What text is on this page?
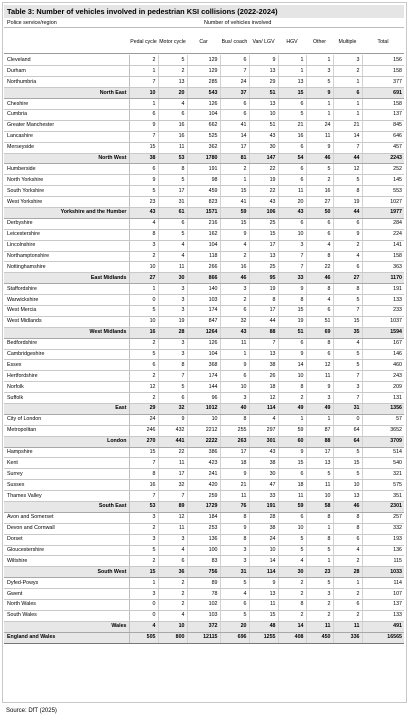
Table 3: Number of vehicles involved in pedestrian KSI collisions (2022-2024)
Police service/region	Number of vehicles involved
Pedal cycle Motor cycle	Car	Bus/ coach Van/ LGV	HGV	Other	Multiple	Total
Cleveland	2	5	129	6	9	1	1	3	156
Durham	1	2	129	7	13	1	3	2	158
Northumbria	7	13	285	24	29	13	5	1	377
North East	10	20	543	37	51	15	9	6	691
Cheshire	1	4	126	6	13	6	1	1	158
Cumbria	6	6	104	6	10	5	1	1	137
Greater Manchester	9	16	662	41	51	21	24	21	845
Lancashire	7	16	525	14	43	16	11	14	646
Merseyside	15	11	362	17	30	6	9	7	457
North West	38	53	1780	81	147	54	46	44	2243
Humberside	6	8	191	2	22	6	5	12	252
North Yorkshire	9	5	98	1	19	6	2	5	145
South Yorkshire	5	17	459	15	22	11	16	8	553
West Yorkshire	23	31	823	41	43	20	27	19	1027
Yorkshire and the Humber	43	61	1571	59	106	43	50	44	1977
Derbyshire	4	6	216	15	25	6	6	6	284
Leicestershire	8	5	162	9	15	10	6	9	224
Lincolnshire	3	4	104	4	17	3	4	2	141
Northamptonshire	2	4	118	2	13	7	8	4	158
Nottinghamshire	10	11	266	16	25	7	22	6	363
East Midlands	27	30	866	46	95	33	46	27	1170
Staffordshire	1	3	140	3	19	9	8	8	191
Warwickshire	0	3	103	2	8	8	4	5	133
West Mercia	5	3	174	6	17	15	6	7	233
West Midlands	10	19	847	32	44	19	51	15	1037
West Midlands	16	28	1264	43	88	51	69	35	1594
Bedfordshire	2	3	126	11	7	6	8	4	167
Cambridgeshire	5	3	104	1	13	9	6	5	146
Essex	6	8	368	9	38	14	12	5	460
Hertfordshire	2	7	174	6	26	10	11	7	243
Norfolk	12	5	144	10	18	8	9	3	209
Suffolk	2	6	96	3	12	2	3	7	131
East	29	32	1012	40	114	49	49	31	1356
City of London	24	9	10	8	4	1	1	0	57
Metropolitan	246	432	2212	255	297	59	87	64	3652
London	270	441	2222	263	301	60	88	64	3709
Hampshire	15	22	386	17	43	9	17	5	514
Kent	7	11	423	18	38	15	13	15	540
Surrey	8	17	241	9	30	6	5	5	321
Sussex	16	32	420	21	47	18	11	10	575
Thames Valley	7	7	259	11	33	11	10	13	351
South East	53	89	1729	76	191	59	58	46	2301
Avon and Somerset	3	12	184	8	28	6	8	8	257
Devon and Cornwall	2	11	253	9	38	10	1	8	332
Dorset	3	3	136	8	24	5	8	6	193
Gloucestershire	5	4	100	3	10	5	5	4	136
Wiltshire	2	6	83	3	14	4	1	2	115
South West	15	36	756	31	114	30	23	28	1033
Dyfed-Powys	1	2	89	5	9	2	5	1	114
Gwent	3	2	78	4	13	2	3	2	107
North Wales	0	2	102	6	11	8	2	6	137
South Wales	0	4	103	5	15	2	2	2	133
Wales	4	10	372	20	48	14	11	11	491
England and Wales	505	800	12115	696	1255	408	450	336	16565
Source: DfT (2025)
